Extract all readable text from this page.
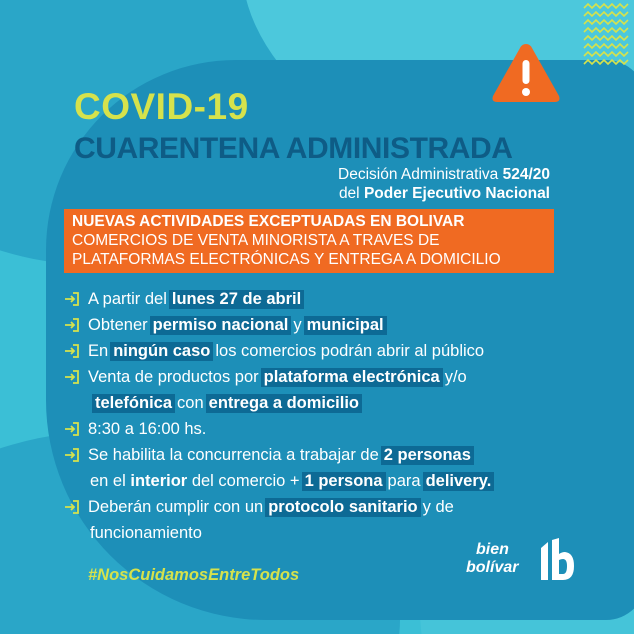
COVID-19
CUARENTENA ADMINISTRADA
Decisión Administrativa 524/20
del Poder Ejecutivo Nacional
NUEVAS ACTIVIDADES EXCEPTUADAS EN BOLIVAR
COMERCIOS DE VENTA MINORISTA A TRAVES DE
PLATAFORMAS ELECTRÓNICAS Y ENTREGA A DOMICILIO
A partir del lunes 27 de abril
Obtener permiso nacional y municipal
En ningún caso los comercios podrán abrir al público
Venta de productos por plataforma electrónica y/o
telefónica con entrega a domicilio
8:30 a 16:00 hs.
Se habilita la concurrencia a trabajar de 2 personas
en el
interior
del comercio + 1 persona para delivery.
Deberán cumplir con un protocolo sanitario y de
funcionamiento
#NosCuidamosEntreTodos
bien
bolívar
